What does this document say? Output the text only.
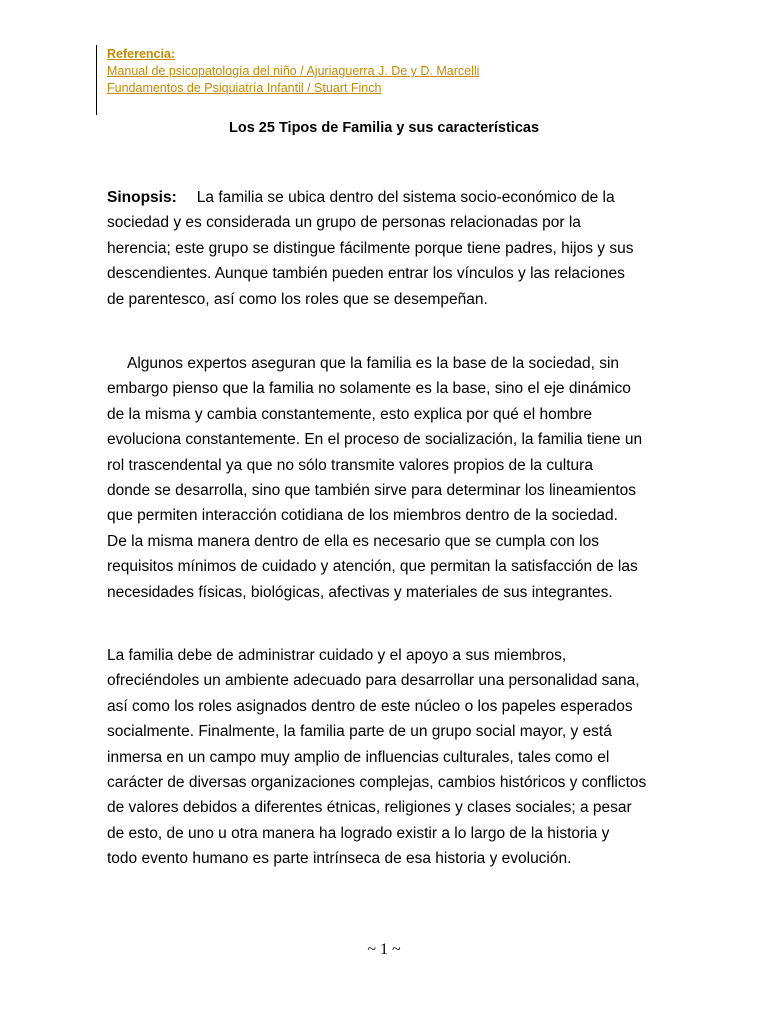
Referencia:
Manual de psicopatología del niño / Ajuriaguerra J. De y D. Marcelli
Fundamentos de Psiquiatría Infantil / Stuart Finch
Los 25 Tipos de Familia y sus características
Sinopsis: La familia se ubica dentro del sistema socio-económico de la
sociedad y es considerada un grupo de personas relacionadas por la
herencia; este grupo se distingue fácilmente porque tiene padres, hijos y sus
descendientes. Aunque también pueden entrar los vínculos y las relaciones
de parentesco, así como los roles que se desempeñan.
Algunos expertos aseguran que la familia es la base de la sociedad, sin
embargo pienso que la familia no solamente es la base, sino el eje dinámico
de la misma y cambia constantemente, esto explica por qué el hombre
evoluciona constantemente. En el proceso de socialización, la familia tiene un
rol trascendental ya que no sólo transmite valores propios de la cultura
donde se desarrolla, sino que también sirve para determinar los lineamientos
que permiten interacción cotidiana de los miembros dentro de la sociedad.
De la misma manera dentro de ella es necesario que se cumpla con los
requisitos mínimos de cuidado y atención, que permitan la satisfacción de las
necesidades físicas, biológicas, afectivas y materiales de sus integrantes.
La familia debe de administrar cuidado y el apoyo a sus miembros,
ofreciéndoles un ambiente adecuado para desarrollar una personalidad sana,
así como los roles asignados dentro de este núcleo o los papeles esperados
socialmente. Finalmente, la familia parte de un grupo social mayor, y está
inmersa en un campo muy amplio de influencias culturales, tales como el
carácter de diversas organizaciones complejas, cambios históricos y conflictos
de valores debidos a diferentes étnicas, religiones y clases sociales; a pesar
de esto, de uno u otra manera ha logrado existir a lo largo de la historia y
todo evento humano es parte intrínseca de esa historia y evolución.
~ 1 ~
